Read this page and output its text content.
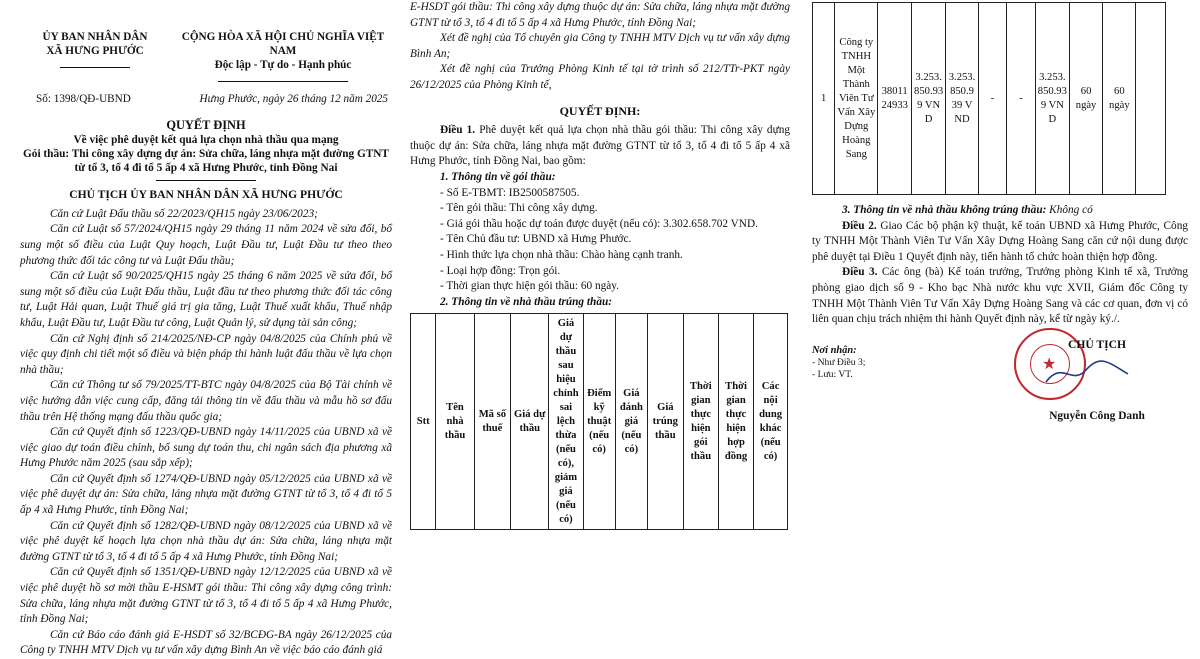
ỦY BAN NHÂN DÂN
XÃ HƯNG PHƯỚC
CỘNG HÒA XÃ HỘI CHỦ NGHĨA VIỆT NAM
Độc lập - Tự do - Hạnh phúc
Số: 1398/QĐ-UBND	Hưng Phước, ngày 26 tháng 12 năm 2025
QUYẾT ĐỊNH
Về việc phê duyệt kết quả lựa chọn nhà thầu qua mạng
Gói thầu: Thi công xây dựng dự án: Sửa chữa, láng nhựa mặt đường GTNT
từ tổ 3, tổ 4 đi tổ 5 ấp 4 xã Hưng Phước, tỉnh Đồng Nai
CHỦ TỊCH ỦY BAN NHÂN DÂN XÃ HƯNG PHƯỚC

Căn cứ Luật Đấu thầu số 22/2023/QH15 ngày 23/06/2023;

Căn cứ Luật số 57/2024/QH15 ngày 29 tháng 11 năm 2024 về sửa đổi, bổ sung một số điều của Luật Quy hoạch, Luật Đầu tư, Luật Đầu tư theo theo phương thức đối tác công tư và Luật Đấu thầu;

Căn cứ Luật số 90/2025/QH15 ngày 25 tháng 6 năm 2025 về sửa đổi, bổ sung một số điều của Luật Đấu thầu, Luật đầu tư theo phương thức đối tác công tư, Luật Hải quan, Luật Thuế giá trị gia tăng, Luật Thuế xuất khẩu, Thuế nhập khẩu, Luật Đầu tư, Luật Đầu tư công, Luật Quản lý, sử dụng tài sản công;

Căn cứ Nghị định số 214/2025/NĐ-CP ngày 04/8/2025 của Chính phủ về việc quy định chi tiết một số điều và biện pháp thi hành luật đấu thầu về lựa chọn nhà thầu;

Căn cứ Thông tư số 79/2025/TT-BTC ngày 04/8/2025 của Bộ Tài chính về việc hướng dẫn việc cung cấp, đăng tải thông tin về đấu thầu và mẫu hồ sơ đấu thầu trên Hệ thống mạng đấu thầu quốc gia;

Căn cứ Quyết định số 1223/QĐ-UBND ngày 14/11/2025 của UBND xã về việc giao dự toán điều chỉnh, bổ sung dự toán thu, chi ngân sách địa phương xã Hưng Phước năm 2025 (sau sắp xếp);

Căn cứ Quyết định số 1274/QĐ-UBND ngày 05/12/2025 của UBND xã về việc phê duyệt dự án: Sửa chữa, láng nhựa mặt đường GTNT từ tổ 3, tổ 4 đi tổ 5 ấp 4 xã Hưng Phước, tỉnh Đồng Nai;

Căn cứ Quyết định số 1282/QĐ-UBND ngày 08/12/2025 của UBND xã về việc phê duyệt kế hoạch lựa chọn nhà thầu dự án: Sửa chữa, láng nhựa mặt đường GTNT từ tổ 3, tổ 4 đi tổ 5 ấp 4 xã Hưng Phước, tỉnh Đồng Nai;

Căn cứ Quyết định số 1351/QĐ-UBND ngày 12/12/2025 của UBND xã về việc phê duyệt hồ sơ mời thầu E-HSMT gói thầu: Thi công xây dựng công trình: Sửa chữa, láng nhựa mặt đường GTNT từ tổ 3, tổ 4 đi tổ 5 ấp 4 xã Hưng Phước, tỉnh Đồng Nai;

Căn cứ Báo cáo đánh giá E-HSDT số 32/BCĐG-BA ngày 26/12/2025 của Công ty TNHH MTV Dịch vụ tư vấn xây dựng Bình An về việc báo cáo đánh giá

E-HSDT gói thầu: Thi công xây dựng thuộc dự án: Sửa chữa, láng nhựa mặt đường GTNT từ tổ 3, tổ 4 đi tổ 5 ấp 4 xã Hưng Phước, tỉnh Đồng Nai;

Xét đề nghị của Tổ chuyên gia Công ty TNHH MTV Dịch vụ tư vấn xây dựng Bình An;

Xét đề nghị của Trưởng Phòng Kinh tế tại tờ trình số 212/TTr-PKT ngày 26/12/2025 của Phòng Kinh tế,

QUYẾT ĐỊNH:

Điều 1. Phê duyệt kết quả lựa chọn nhà thầu gói thầu: Thi công xây dựng thuộc dự án: Sửa chữa, láng nhựa mặt đường GTNT từ tổ 3, tổ 4 đi tổ 5 ấp 4 xã Hưng Phước, tỉnh Đồng Nai, bao gồm:

1. Thông tin về gói thầu:

- Số E-TBMT: IB2500587505.

- Tên gói thầu: Thi công xây dựng.

- Giá gói thầu hoặc dự toán được duyệt (nếu có): 3.302.658.702 VND.

- Tên Chủ đầu tư: UBND xã Hưng Phước.

- Hình thức lựa chọn nhà thầu: Chào hàng cạnh tranh.

- Loại hợp đồng: Trọn gói.

- Thời gian thực hiện gói thầu: 60 ngày.

2. Thông tin về nhà thầu trúng thầu:

Stt	Tên nhà thầu	Mã số thuế	Giá dự thầu	Giá dự thầu sau hiệu chỉnh sai lệch thừa (nếu có), giảm giá (nếu có)	Điểm kỹ thuật (nếu có)	Giá đánh giá (nếu có)	Giá trúng thầu	Thời gian thực hiện gói thầu	Thời gian thực hiện hợp đồng	Các nội dung khác (nếu có)
1	Công ty TNHH Một Thành Viên Tư Vấn Xây Dựng Hoàng Sang	3801124933	3.253.850.939 VND	3.253.850.939 VND	-	-	3.253.850.939 VND	60 ngày	60 ngày	

3. Thông tin về nhà thầu không trúng thầu: Không có

Điều 2. Giao Các bộ phận kỹ thuật, kế toán UBND xã Hưng Phước, Công ty TNHH Một Thành Viên Tư Vấn Xây Dựng Hoàng Sang căn cứ nội dung được phê duyệt tại Điều 1 Quyết định này, tiến hành tổ chức hoàn thiện hợp đồng.

Điều 3. Các ông (bà) Kế toán trưởng, Trưởng phòng Kinh tế xã, Trưởng phòng giao dịch số 9 - Kho bạc Nhà nước khu vực XVII, Giám đốc Công ty TNHH Một Thành Viên Tư Vấn Xây Dựng Hoàng Sang và các cơ quan, đơn vị có liên quan chịu trách nhiệm thi hành Quyết định này, kể từ ngày ký./.

Nơi nhận:
- Như Điều 3;
- Lưu: VT.
★
CHỦ TỊCH
Nguyễn Công Danh
